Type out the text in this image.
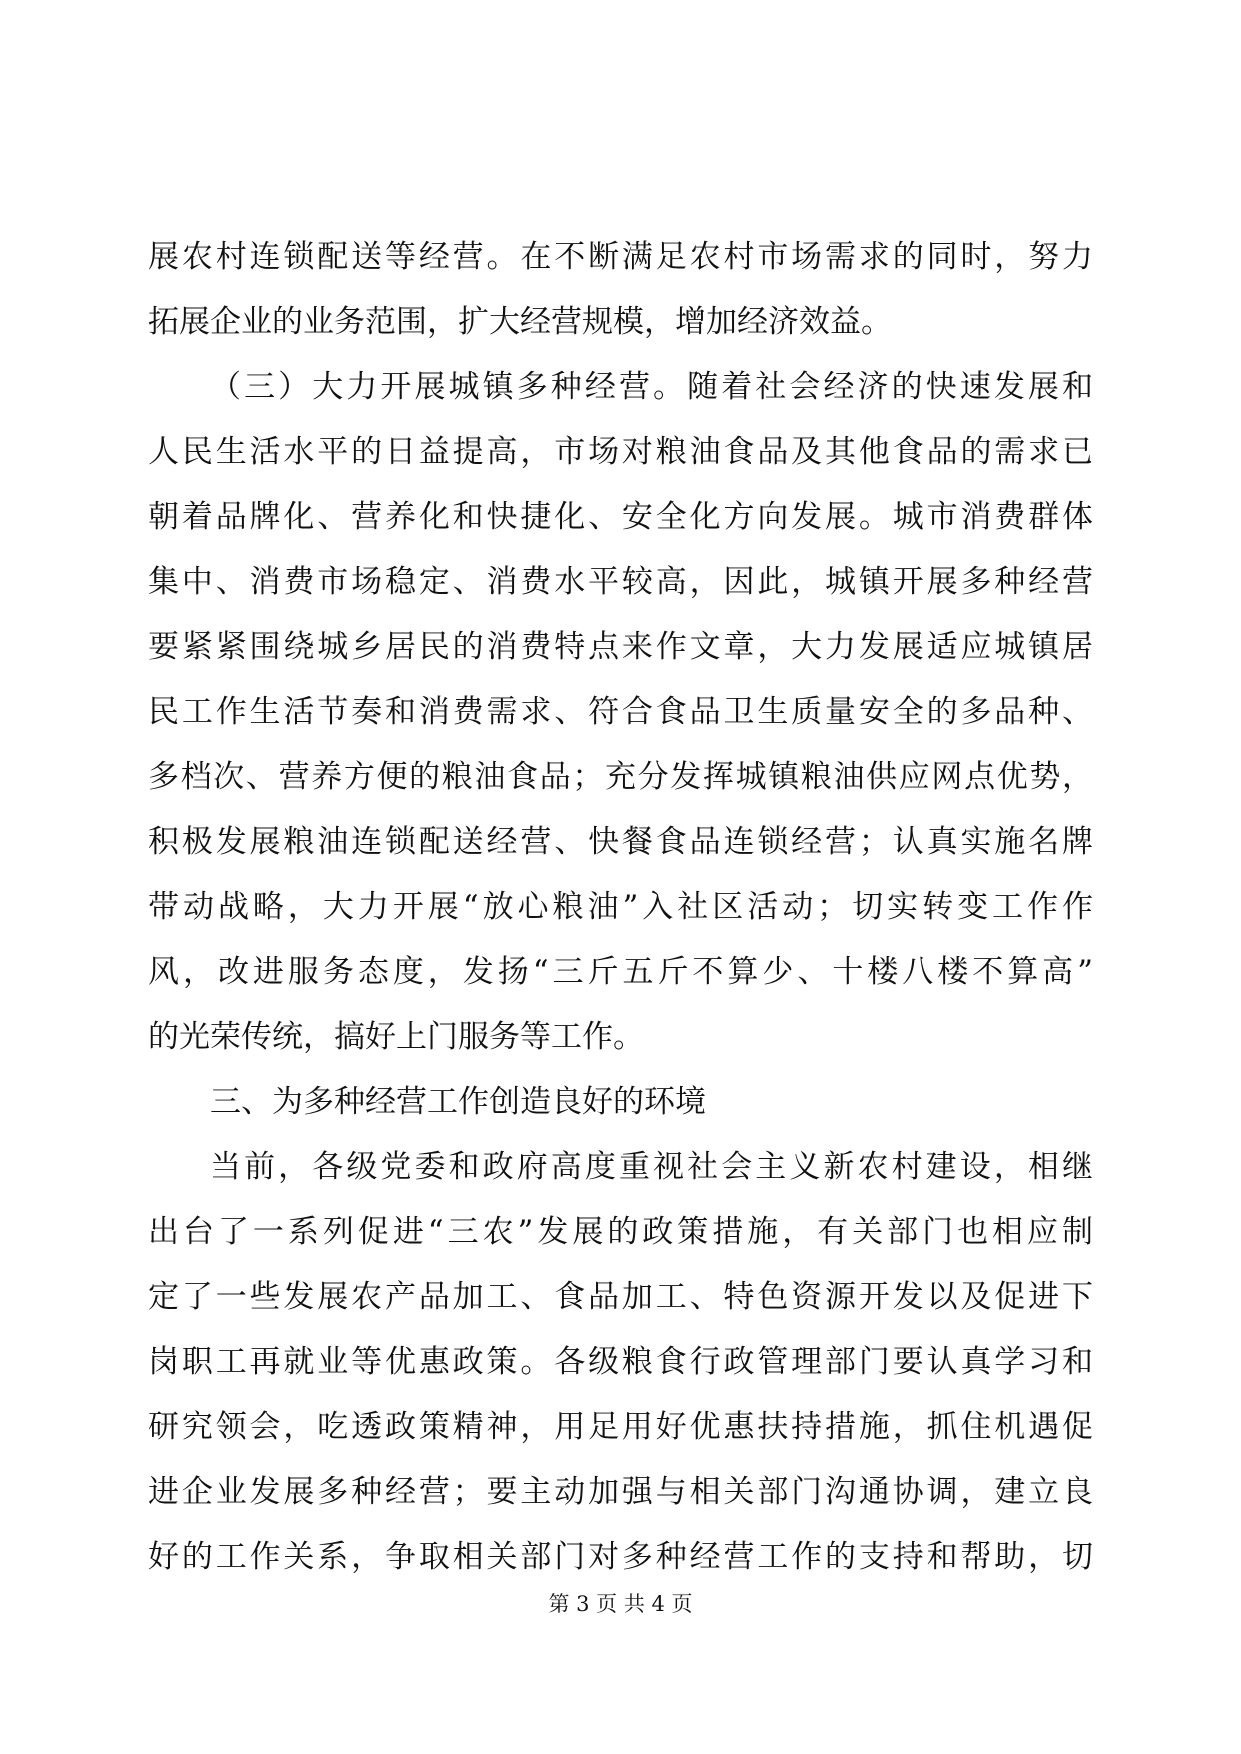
展农村连锁配送等经营。在不断满足农村市场需求的同时，努力
拓展企业的业务范围，扩大经营规模，增加经济效益。
（三）大力开展城镇多种经营。随着社会经济的快速发展和
人民生活水平的日益提高，市场对粮油食品及其他食品的需求已
朝着品牌化、营养化和快捷化、安全化方向发展。城市消费群体
集中、消费市场稳定、消费水平较高，因此，城镇开展多种经营
要紧紧围绕城乡居民的消费特点来作文章，大力发展适应城镇居
民工作生活节奏和消费需求、符合食品卫生质量安全的多品种、
多档次、营养方便的粮油食品；充分发挥城镇粮油供应网点优势，
积极发展粮油连锁配送经营、快餐食品连锁经营；认真实施名牌
带动战略，大力开展“放心粮油”入社区活动；切实转变工作作
风，改进服务态度，发扬“三斤五斤不算少、十楼八楼不算高”
的光荣传统，搞好上门服务等工作。
三、为多种经营工作创造良好的环境
当前，各级党委和政府高度重视社会主义新农村建设，相继
出台了一系列促进“三农”发展的政策措施，有关部门也相应制
定了一些发展农产品加工、食品加工、特色资源开发以及促进下
岗职工再就业等优惠政策。各级粮食行政管理部门要认真学习和
研究领会，吃透政策精神，用足用好优惠扶持措施，抓住机遇促
进企业发展多种经营；要主动加强与相关部门沟通协调，建立良
好的工作关系，争取相关部门对多种经营工作的支持和帮助，切
第 3 页 共 4 页
